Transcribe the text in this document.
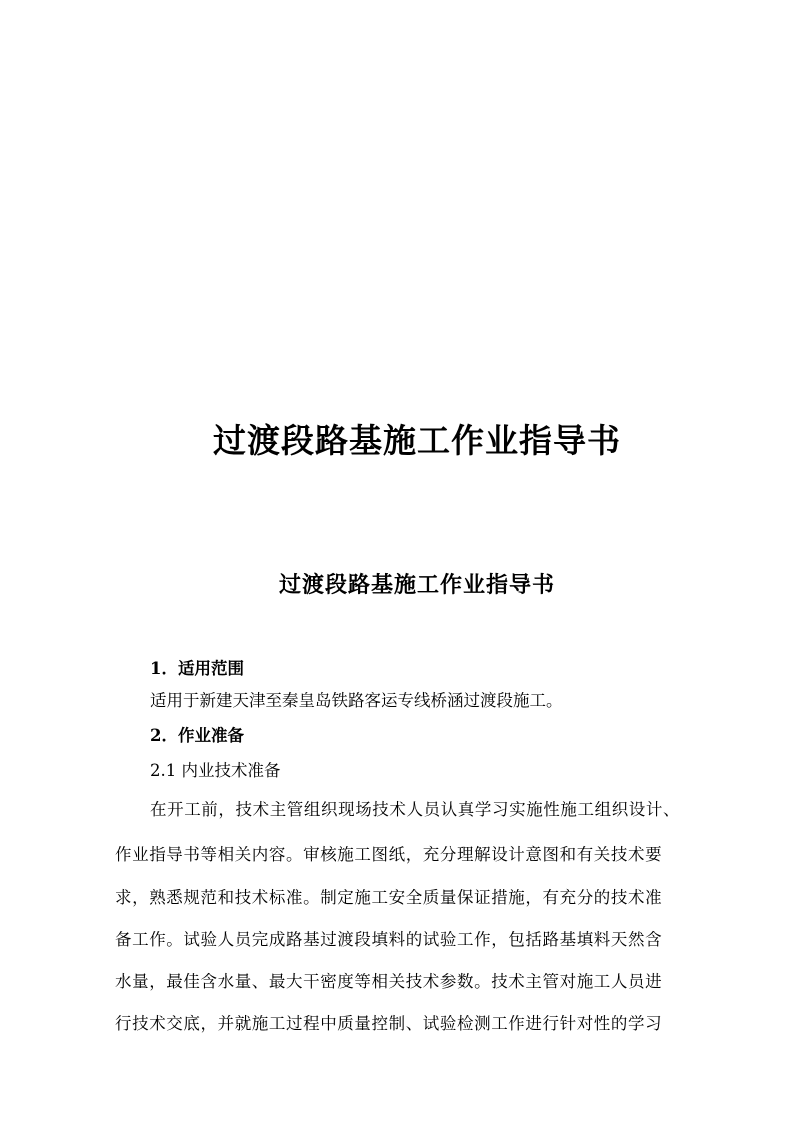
过渡段路基施工作业指导书
过渡段路基施工作业指导书
1．适用范围
适用于新建天津至秦皇岛铁路客运专线桥涵过渡段施工。
2．作业准备
2.1 内业技术准备
在开工前，技术主管组织现场技术人员认真学习实施性施工组织设计、
作业指导书等相关内容。审核施工图纸，充分理解设计意图和有关技术要
求，熟悉规范和技术标准。制定施工安全质量保证措施，有充分的技术准
备工作。试验人员完成路基过渡段填料的试验工作，包括路基填料天然含
水量，最佳含水量、最大干密度等相关技术参数。技术主管对施工人员进
行技术交底，并就施工过程中质量控制、试验检测工作进行针对性的学习
